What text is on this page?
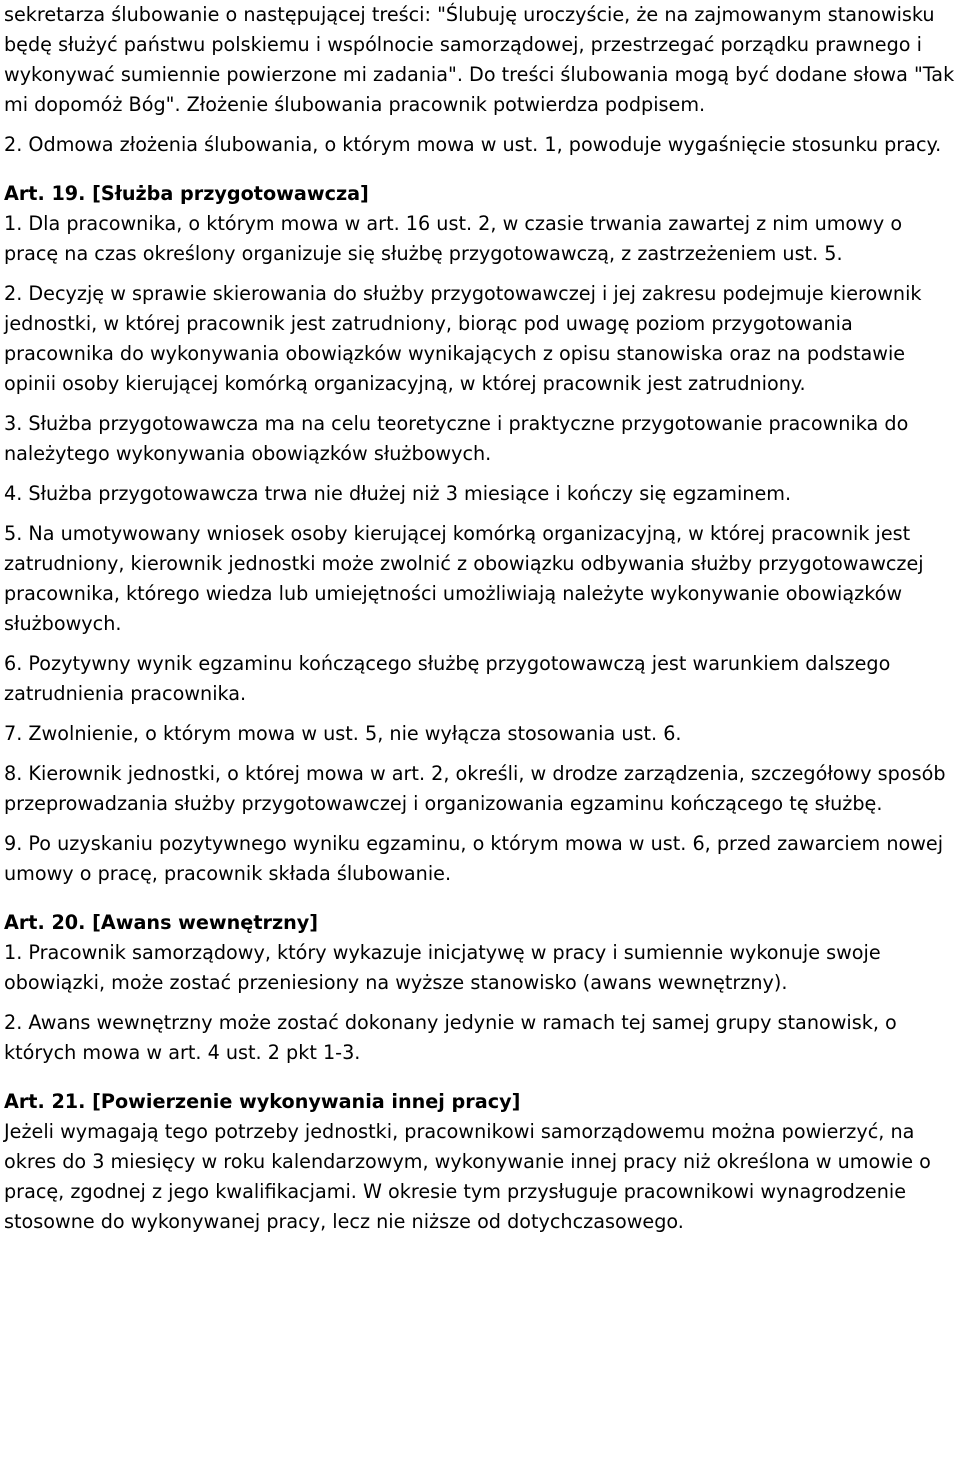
sekretarza ślubowanie o następującej treści: "Ślubuję uroczyście, że na zajmowanym stanowisku będę służyć państwu polskiemu i wspólnocie samorządowej, przestrzegać porządku prawnego i wykonywać sumiennie powierzone mi zadania". Do treści ślubowania mogą być dodane słowa "Tak mi dopomóż Bóg". Złożenie ślubowania pracownik potwierdza podpisem.
2. Odmowa złożenia ślubowania, o którym mowa w ust. 1, powoduje wygaśnięcie stosunku pracy.
Art. 19. [Służba przygotowawcza]
1. Dla pracownika, o którym mowa w art. 16 ust. 2, w czasie trwania zawartej z nim umowy o pracę na czas określony organizuje się służbę przygotowawczą, z zastrzeżeniem ust. 5.
2. Decyzję w sprawie skierowania do służby przygotowawczej i jej zakresu podejmuje kierownik jednostki, w której pracownik jest zatrudniony, biorąc pod uwagę poziom przygotowania pracownika do wykonywania obowiązków wynikających z opisu stanowiska oraz na podstawie opinii osoby kierującej komórką organizacyjną, w której pracownik jest zatrudniony.
3. Służba przygotowawcza ma na celu teoretyczne i praktyczne przygotowanie pracownika do należytego wykonywania obowiązków służbowych.
4. Służba przygotowawcza trwa nie dłużej niż 3 miesiące i kończy się egzaminem.
5. Na umotywowany wniosek osoby kierującej komórką organizacyjną, w której pracownik jest zatrudniony, kierownik jednostki może zwolnić z obowiązku odbywania służby przygotowawczej pracownika, którego wiedza lub umiejętności umożliwiają należyte wykonywanie obowiązków służbowych.
6. Pozytywny wynik egzaminu kończącego służbę przygotowawczą jest warunkiem dalszego zatrudnienia pracownika.
7. Zwolnienie, o którym mowa w ust. 5, nie wyłącza stosowania ust. 6.
8. Kierownik jednostki, o której mowa w art. 2, określi, w drodze zarządzenia, szczegółowy sposób przeprowadzania służby przygotowawczej i organizowania egzaminu kończącego tę służbę.
9. Po uzyskaniu pozytywnego wyniku egzaminu, o którym mowa w ust. 6, przed zawarciem nowej umowy o pracę, pracownik składa ślubowanie.
Art. 20. [Awans wewnętrzny]
1. Pracownik samorządowy, który wykazuje inicjatywę w pracy i sumiennie wykonuje swoje obowiązki, może zostać przeniesiony na wyższe stanowisko (awans wewnętrzny).
2. Awans wewnętrzny może zostać dokonany jedynie w ramach tej samej grupy stanowisk, o których mowa w art. 4 ust. 2 pkt 1-3.
Art. 21. [Powierzenie wykonywania innej pracy]
Jeżeli wymagają tego potrzeby jednostki, pracownikowi samorządowemu można powierzyć, na okres do 3 miesięcy w roku kalendarzowym, wykonywanie innej pracy niż określona w umowie o pracę, zgodnej z jego kwalifikacjami. W okresie tym przysługuje pracownikowi wynagrodzenie stosowne do wykonywanej pracy, lecz nie niższe od dotychczasowego.
